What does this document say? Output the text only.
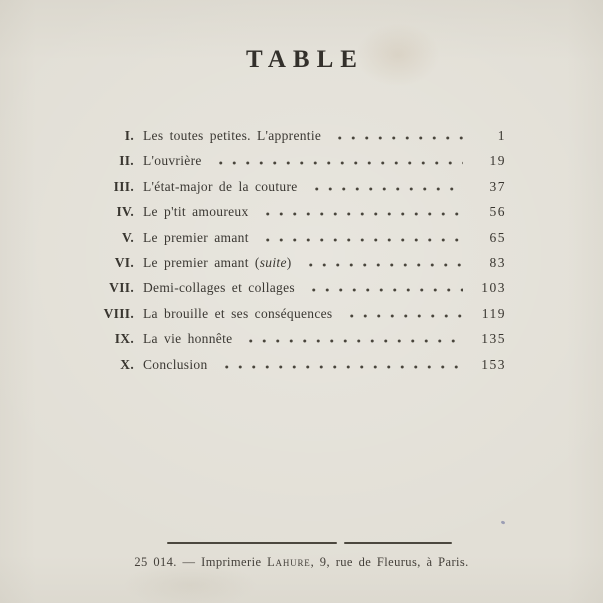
TABLE
I. Les toutes petites. L'apprentie	1
II. L'ouvrière	19
III. L'état-major de la couture	37
IV. Le p'tit amoureux	56
V. Le premier amant	65
VI. Le premier amant (suite)	83
VII. Demi-collages et collages	103
VIII. La brouille et ses conséquences	119
IX. La vie honnête	135
X. Conclusion	153
25 014. — Imprimerie Lahure, 9, rue de Fleurus, à Paris.
